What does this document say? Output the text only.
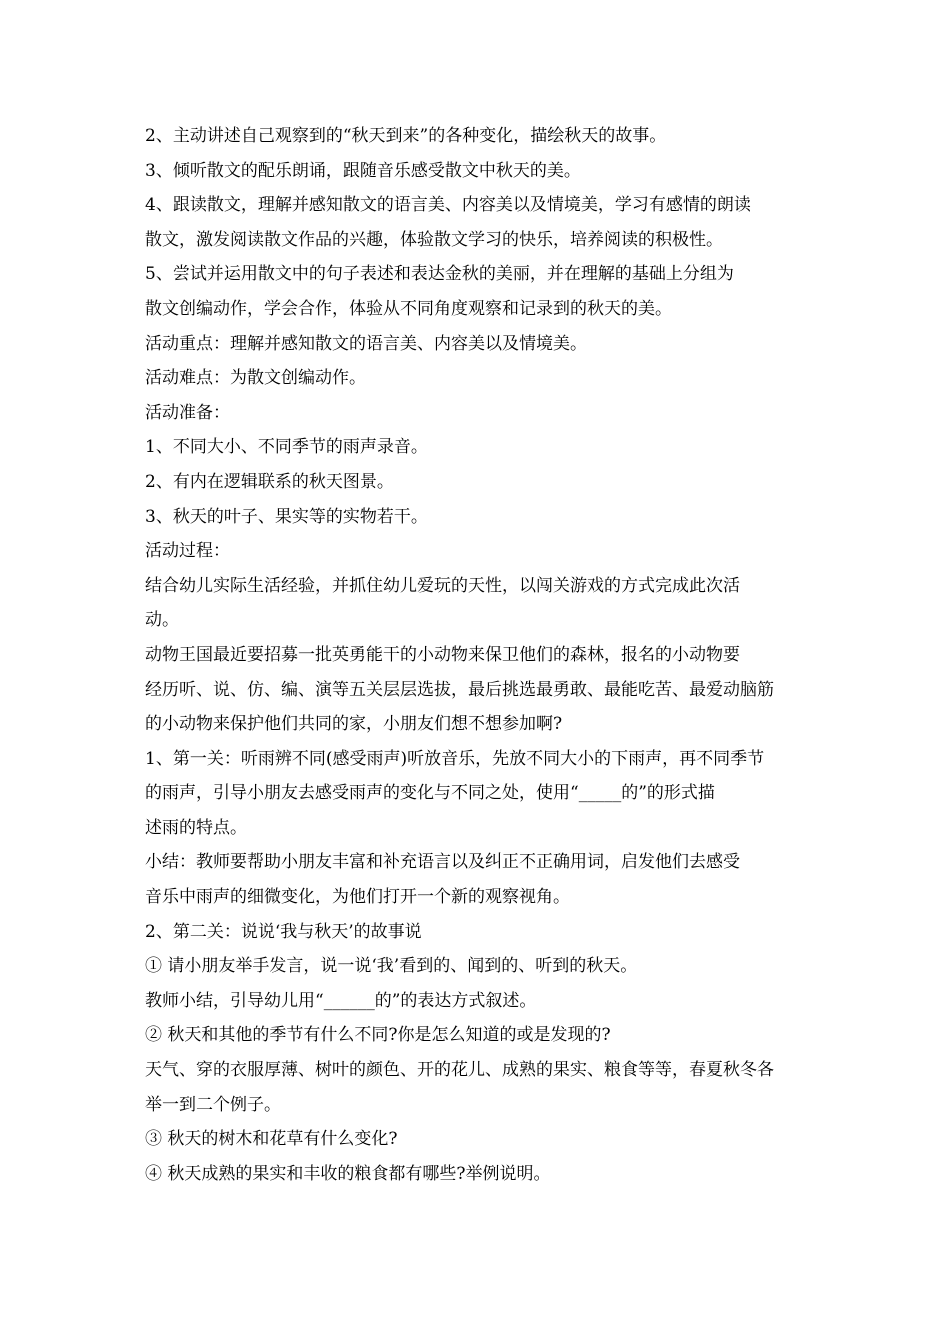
2、主动讲述自己观察到的“秋天到来”的各种变化，描绘秋天的故事。
3、倾听散文的配乐朗诵，跟随音乐感受散文中秋天的美。
4、跟读散文，理解并感知散文的语言美、内容美以及情境美，学习有感情的朗读
散文，激发阅读散文作品的兴趣，体验散文学习的快乐，培养阅读的积极性。
5、尝试并运用散文中的句子表述和表达金秋的美丽，并在理解的基础上分组为
散文创编动作，学会合作，体验从不同角度观察和记录到的秋天的美。
活动重点：理解并感知散文的语言美、内容美以及情境美。
活动难点：为散文创编动作。
活动准备：
1、不同大小、不同季节的雨声录音。
2、有内在逻辑联系的秋天图景。
3、秋天的叶子、果实等的实物若干。
活动过程：
结合幼儿实际生活经验，并抓住幼儿爱玩的天性，以闯关游戏的方式完成此次活
动。
动物王国最近要招募一批英勇能干的小动物来保卫他们的森林，报名的小动物要
经历听、说、仿、编、演等五关层层选拔，最后挑选最勇敢、最能吃苦、最爱动脑筋
的小动物来保护他们共同的家，小朋友们想不想参加啊?
1、第一关：听雨辨不同(感受雨声)听放音乐，先放不同大小的下雨声，再不同季节
的雨声，引导小朋友去感受雨声的变化与不同之处，使用“_____的”的形式描
述雨的特点。
小结：教师要帮助小朋友丰富和补充语言以及纠正不正确用词，启发他们去感受
音乐中雨声的细微变化，为他们打开一个新的观察视角。
2、第二关：说说‘我与秋天’的故事说
① 请小朋友举手发言，说一说‘我’看到的、闻到的、听到的秋天。
教师小结，引导幼儿用“______的”的表达方式叙述。
② 秋天和其他的季节有什么不同?你是怎么知道的或是发现的?
天气、穿的衣服厚薄、树叶的颜色、开的花儿、成熟的果实、粮食等等，春夏秋冬各
举一到二个例子。
③ 秋天的树木和花草有什么变化?
④ 秋天成熟的果实和丰收的粮食都有哪些?举例说明。
